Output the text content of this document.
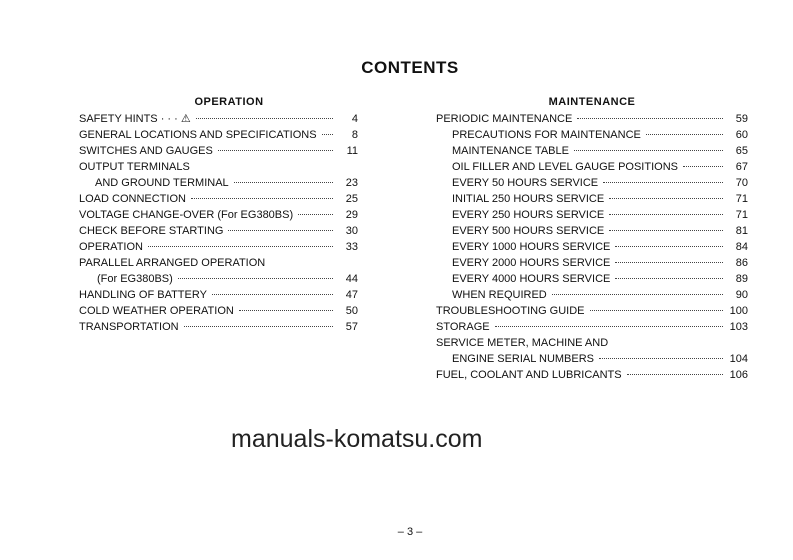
CONTENTS
OPERATION	MAINTENANCE
SAFETY HINTS · · · ⚠	4
GENERAL LOCATIONS AND SPECIFICATIONS	8
SWITCHES AND GAUGES	11
OUTPUT TERMINALS
AND GROUND TERMINAL	23
LOAD CONNECTION	25
VOLTAGE CHANGE-OVER (For EG380BS)	29
CHECK BEFORE STARTING	30
OPERATION	33
PARALLEL ARRANGED OPERATION
(For EG380BS)	44
HANDLING OF BATTERY	47
COLD WEATHER OPERATION	50
TRANSPORTATION	57
PERIODIC MAINTENANCE	59
PRECAUTIONS FOR MAINTENANCE	60
MAINTENANCE TABLE	65
OIL FILLER AND LEVEL GAUGE POSITIONS	67
EVERY 50 HOURS SERVICE	70
INITIAL 250 HOURS SERVICE	71
EVERY 250 HOURS SERVICE	71
EVERY 500 HOURS SERVICE	81
EVERY 1000 HOURS SERVICE	84
EVERY 2000 HOURS SERVICE	86
EVERY 4000 HOURS SERVICE	89
WHEN REQUIRED	90
TROUBLESHOOTING GUIDE	100
STORAGE	103
SERVICE METER, MACHINE AND
ENGINE SERIAL NUMBERS	104
FUEL, COOLANT AND LUBRICANTS	106
manuals-komatsu.com
– 3 –
